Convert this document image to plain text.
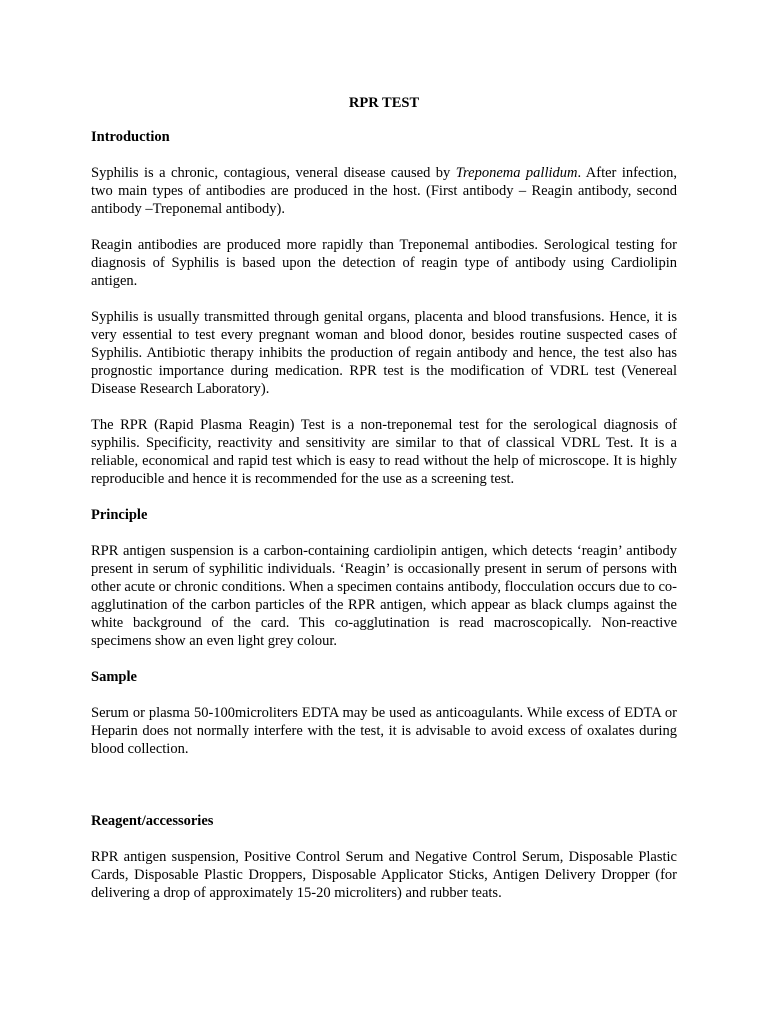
RPR TEST
Introduction

Syphilis is a chronic, contagious, veneral disease caused by Treponema pallidum. After infection, two main types of antibodies are produced in the host. (First antibody – Reagin antibody, second antibody –Treponemal antibody).

Reagin antibodies are produced more rapidly than Treponemal antibodies. Serological testing for diagnosis of Syphilis is based upon the detection of reagin type of antibody using Cardiolipin antigen.

Syphilis is usually transmitted through genital organs, placenta and blood transfusions. Hence, it is very essential to test every pregnant woman and blood donor, besides routine suspected cases of Syphilis. Antibiotic therapy inhibits the production of regain antibody and hence, the test also has prognostic importance during medication. RPR test is the modification of VDRL test (Venereal Disease Research Laboratory).

The RPR (Rapid Plasma Reagin) Test is a non-treponemal test for the serological diagnosis of syphilis. Specificity, reactivity and sensitivity are similar to that of classical VDRL Test. It is a reliable, economical and rapid test which is easy to read without the help of microscope. It is highly reproducible and hence it is recommended for the use as a screening test.

Principle

RPR antigen suspension is a carbon-containing cardiolipin antigen, which detects ‘reagin’ antibody present in serum of syphilitic individuals. ‘Reagin’ is occasionally present in serum of persons with other acute or chronic conditions. When a specimen contains antibody, flocculation occurs due to co-agglutination of the carbon particles of the RPR antigen, which appear as black clumps against the white background of the card. This co-agglutination is read macroscopically. Non-reactive specimens show an even light grey colour.

Sample

Serum or plasma 50-100microliters EDTA may be used as anticoagulants. While excess of EDTA or Heparin does not normally interfere with the test, it is advisable to avoid excess of oxalates during blood collection.

Reagent/accessories

RPR antigen suspension, Positive Control Serum and Negative Control Serum, Disposable Plastic Cards, Disposable Plastic Droppers, Disposable Applicator Sticks, Antigen Delivery Dropper (for delivering a drop of approximately 15-20 microliters) and rubber teats.
